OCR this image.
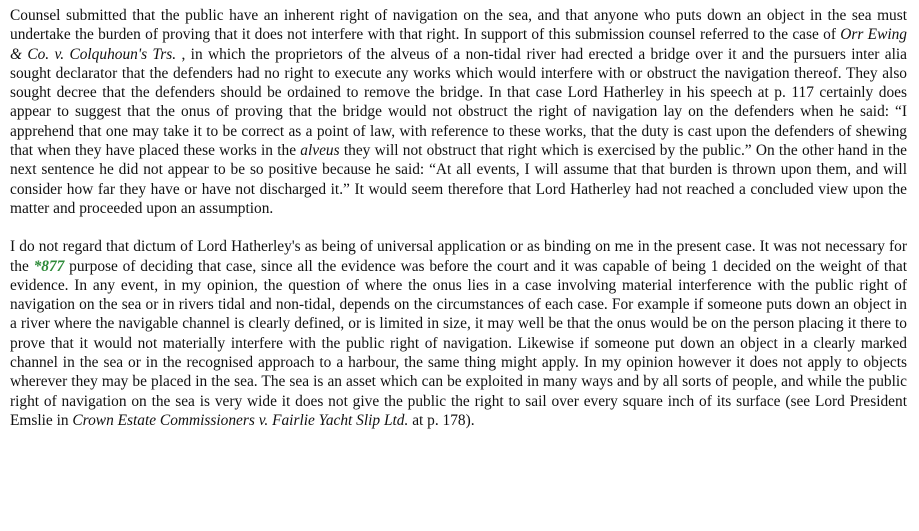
Counsel submitted that the public have an inherent right of navigation on the sea, and that anyone who puts down an object in the sea must undertake the burden of proving that it does not interfere with that right. In support of this submission counsel referred to the case of Orr Ewing & Co. v. Colquhoun's Trs. , in which the proprietors of the alveus of a non-tidal river had erected a bridge over it and the pursuers inter alia sought declarator that the defenders had no right to execute any works which would interfere with or obstruct the navigation thereof. They also sought decree that the defenders should be ordained to remove the bridge. In that case Lord Hatherley in his speech at p. 117 certainly does appear to suggest that the onus of proving that the bridge would not obstruct the right of navigation lay on the defenders when he said: “I apprehend that one may take it to be correct as a point of law, with reference to these works, that the duty is cast upon the defenders of shewing that when they have placed these works in the alveus they will not obstruct that right which is exercised by the public.” On the other hand in the next sentence he did not appear to be so positive because he said: “At all events, I will assume that that burden is thrown upon them, and will consider how far they have or have not discharged it.” It would seem therefore that Lord Hatherley had not reached a concluded view upon the matter and proceeded upon an assumption.

I do not regard that dictum of Lord Hatherley's as being of universal application or as binding on me in the present case. It was not necessary for the *877 purpose of deciding that case, since all the evidence was before the court and it was capable of being 1 decided on the weight of that evidence. In any event, in my opinion, the question of where the onus lies in a case involving material interference with the public right of navigation on the sea or in rivers tidal and non-tidal, depends on the circumstances of each case. For example if someone puts down an object in a river where the navigable channel is clearly defined, or is limited in size, it may well be that the onus would be on the person placing it there to prove that it would not materially interfere with the public right of navigation. Likewise if someone put down an object in a clearly marked channel in the sea or in the recognised approach to a harbour, the same thing might apply. In my opinion however it does not apply to objects wherever they may be placed in the sea. The sea is an asset which can be exploited in many ways and by all sorts of people, and while the public right of navigation on the sea is very wide it does not give the public the right to sail over every square inch of its surface (see Lord President Emslie in Crown Estate Commissioners v. Fairlie Yacht Slip Ltd. at p. 178).
